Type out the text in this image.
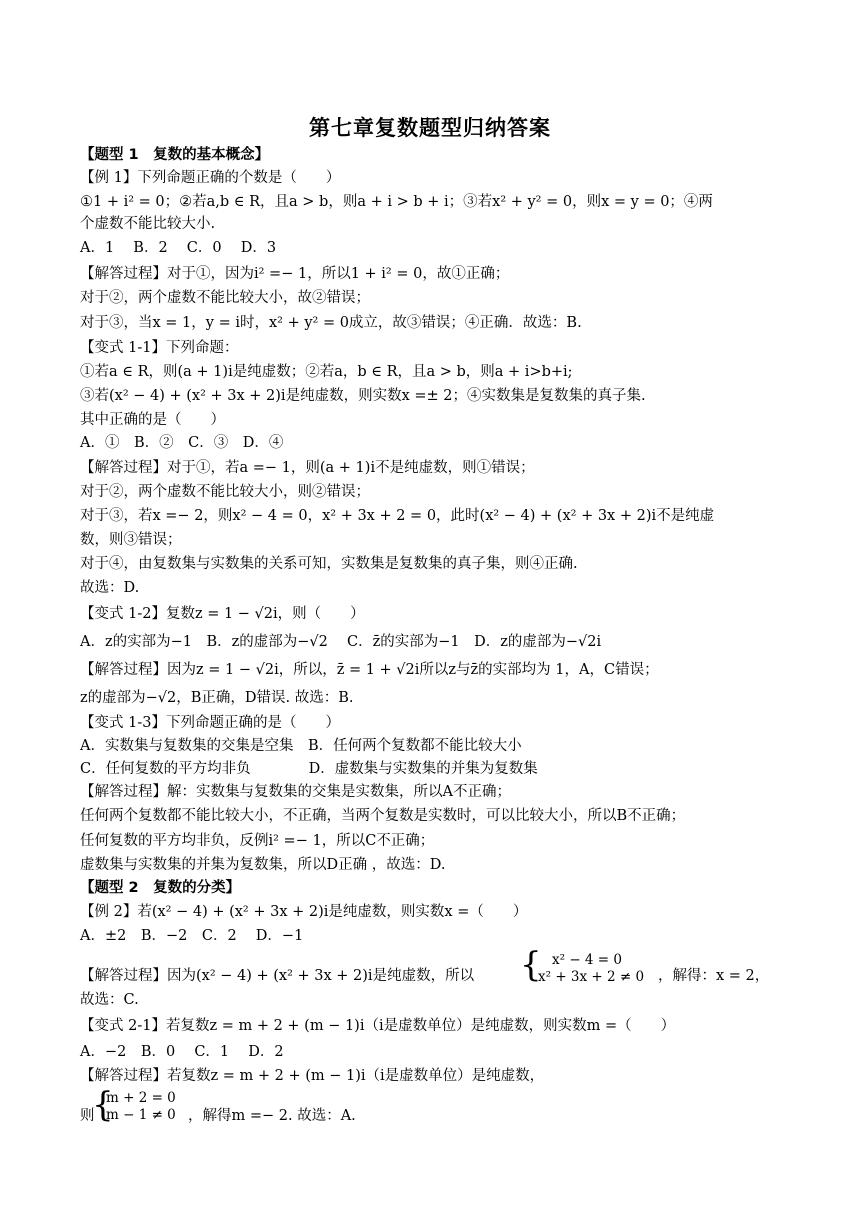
第七章复数题型归纳答案
【题型 1　复数的基本概念】
【例 1】下列命题正确的个数是（　　）
①1 + i² = 0；②若a,b ∈ R，且a > b，则a + i > b + i；③若x² + y² = 0，则x = y = 0；④两
个虚数不能比较大小.
A．1　 B．2　 C．0　 D．3
【解答过程】对于①，因为i² =− 1，所以1 + i² = 0，故①正确；
对于②，两个虚数不能比较大小，故②错误；
对于③，当x = 1，y = i时，x² + y² = 0成立，故③错误；④正确．故选：B.
【变式 1-1】下列命题：
①若a ∈ R，则(a + 1)i是纯虚数；②若a，b ∈ R，且a > b，则a + i>b+i;
③若(x² − 4) + (x² + 3x + 2)i是纯虚数，则实数x =± 2；④实数集是复数集的真子集.
其中正确的是（　　）
A．①　B．②　C．③　D．④
【解答过程】对于①，若a =− 1，则(a + 1)i不是纯虚数，则①错误；
对于②，两个虚数不能比较大小，则②错误；
对于③，若x =− 2，则x² − 4 = 0，x² + 3x + 2 = 0，此时(x² − 4) + (x² + 3x + 2)i不是纯虚
数，则③错误；
对于④，由复数集与实数集的关系可知，实数集是复数集的真子集，则④正确.
故选：D.
【变式 1-2】复数z = 1 − √2i，则（　　）
A．z的实部为−1　B．z的虚部为−√2　 C．z̄的实部为−1　D．z的虚部为−√2i
【解答过程】因为z = 1 − √2i，所以，z̄ = 1 + √2i所以z与z̄的实部均为 1，A，C错误；
z的虚部为−√2，B正确，D错误. 故选：B.
【变式 1-3】下列命题正确的是（　　）
A．实数集与复数集的交集是空集　B．任何两个复数都不能比较大小
C．任何复数的平方均非负　　　　D．虚数集与实数集的并集为复数集
【解答过程】解：实数集与复数集的交集是实数集，所以A不正确；
任何两个复数都不能比较大小，不正确，当两个复数是实数时，可以比较大小，所以B不正确；
任何复数的平方均非负，反例i² =− 1，所以C不正确；
虚数集与实数集的并集为复数集，所以D正确 ，故选：D.
【题型 2　复数的分类】
【例 2】若(x² − 4) + (x² + 3x + 2)i是纯虚数，则实数x =（　　）
A．±2　B．−2　C．2　 D．−1
【解答过程】因为(x² − 4) + (x² + 3x + 2)i是纯虚数，所以	{ x² − 4 = 0
x² + 3x + 2 ≠ 0 ，解得：x = 2，
故选：C.
【变式 2-1】若复数z = m + 2 + (m − 1)i（i是虚数单位）是纯虚数，则实数m =（　　）
A．−2　B．0　 C．1　 D．2
【解答过程】若复数z = m + 2 + (m − 1)i（i是虚数单位）是纯虚数，
则
{
m + 2 = 0
m − 1 ≠ 0 ，解得m =− 2. 故选：A.
